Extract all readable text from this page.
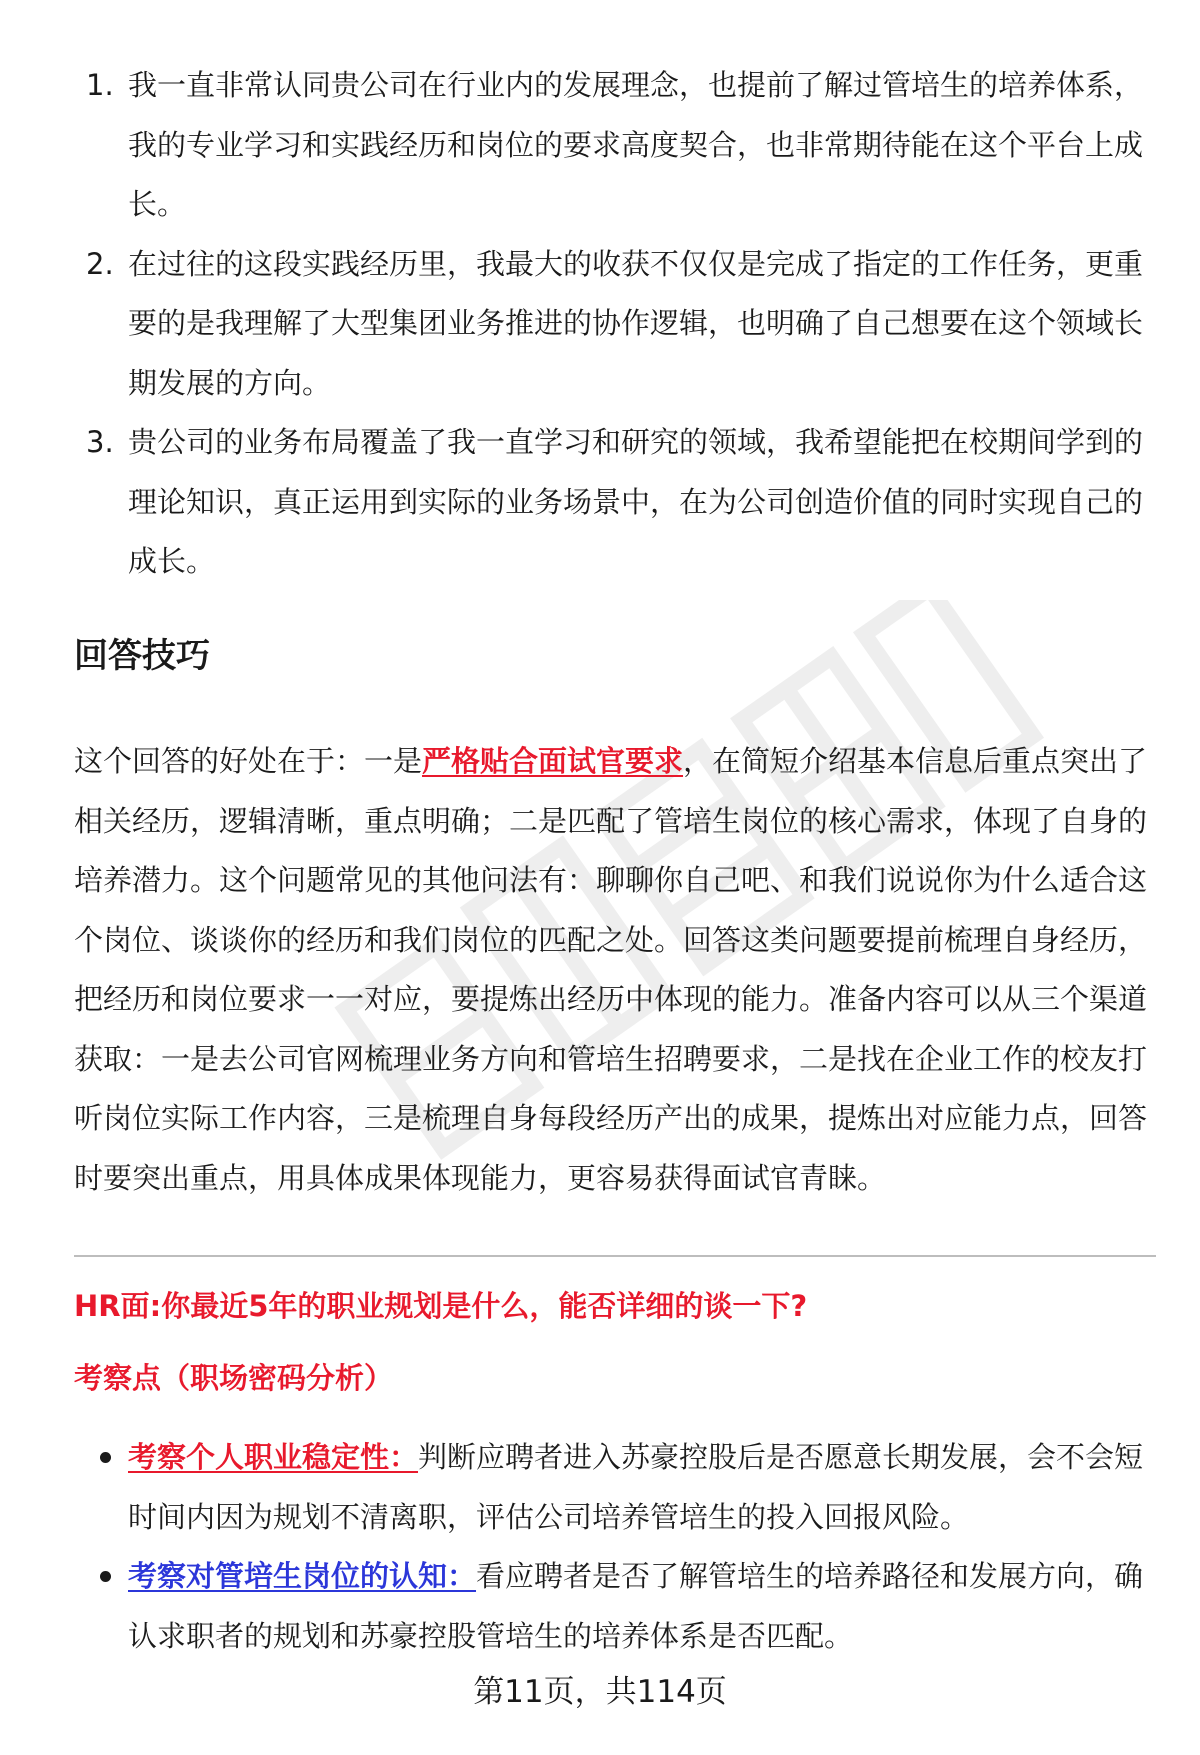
1. 我一直非常认同贵公司在行业内的发展理念，也提前了解过管培生的培养体系，我的专业学习和实践经历和岗位的要求高度契合，也非常期待能在这个平台上成长。
2. 在过往的这段实践经历里，我最大的收获不仅仅是完成了指定的工作任务，更重要的是我理解了大型集团业务推进的协作逻辑，也明确了自己想要在这个领域长期发展的方向。
3. 贵公司的业务布局覆盖了我一直学习和研究的领域，我希望能把在校期间学到的理论知识，真正运用到实际的业务场景中，在为公司创造价值的同时实现自己的成长。
回答技巧

这个回答的好处在于：一是严格贴合面试官要求，在简短介绍基本信息后重点突出了相关经历，逻辑清晰，重点明确；二是匹配了管培生岗位的核心需求，体现了自身的培养潜力。这个问题常见的其他问法有：聊聊你自己吧、和我们说说你为什么适合这个岗位、谈谈你的经历和我们岗位的匹配之处。回答这类问题要提前梳理自身经历，把经历和岗位要求一一对应，要提炼出经历中体现的能力。准备内容可以从三个渠道获取：一是去公司官网梳理业务方向和管培生招聘要求，二是找在企业工作的校友打听岗位实际工作内容，三是梳理自身每段经历产出的成果，提炼出对应能力点，回答时要突出重点，用具体成果体现能力，更容易获得面试官青睐。

HR面:你最近5年的职业规划是什么，能否详细的谈一下?
考察点（职场密码分析）
考察个人职业稳定性：判断应聘者进入苏豪控股后是否愿意长期发展，会不会短时间内因为规划不清离职，评估公司培养管培生的投入回报风险。
考察对管培生岗位的认知：看应聘者是否了解管培生的培养路径和发展方向，确认求职者的规划和苏豪控股管培生的培养体系是否匹配。

第11页，共114页
